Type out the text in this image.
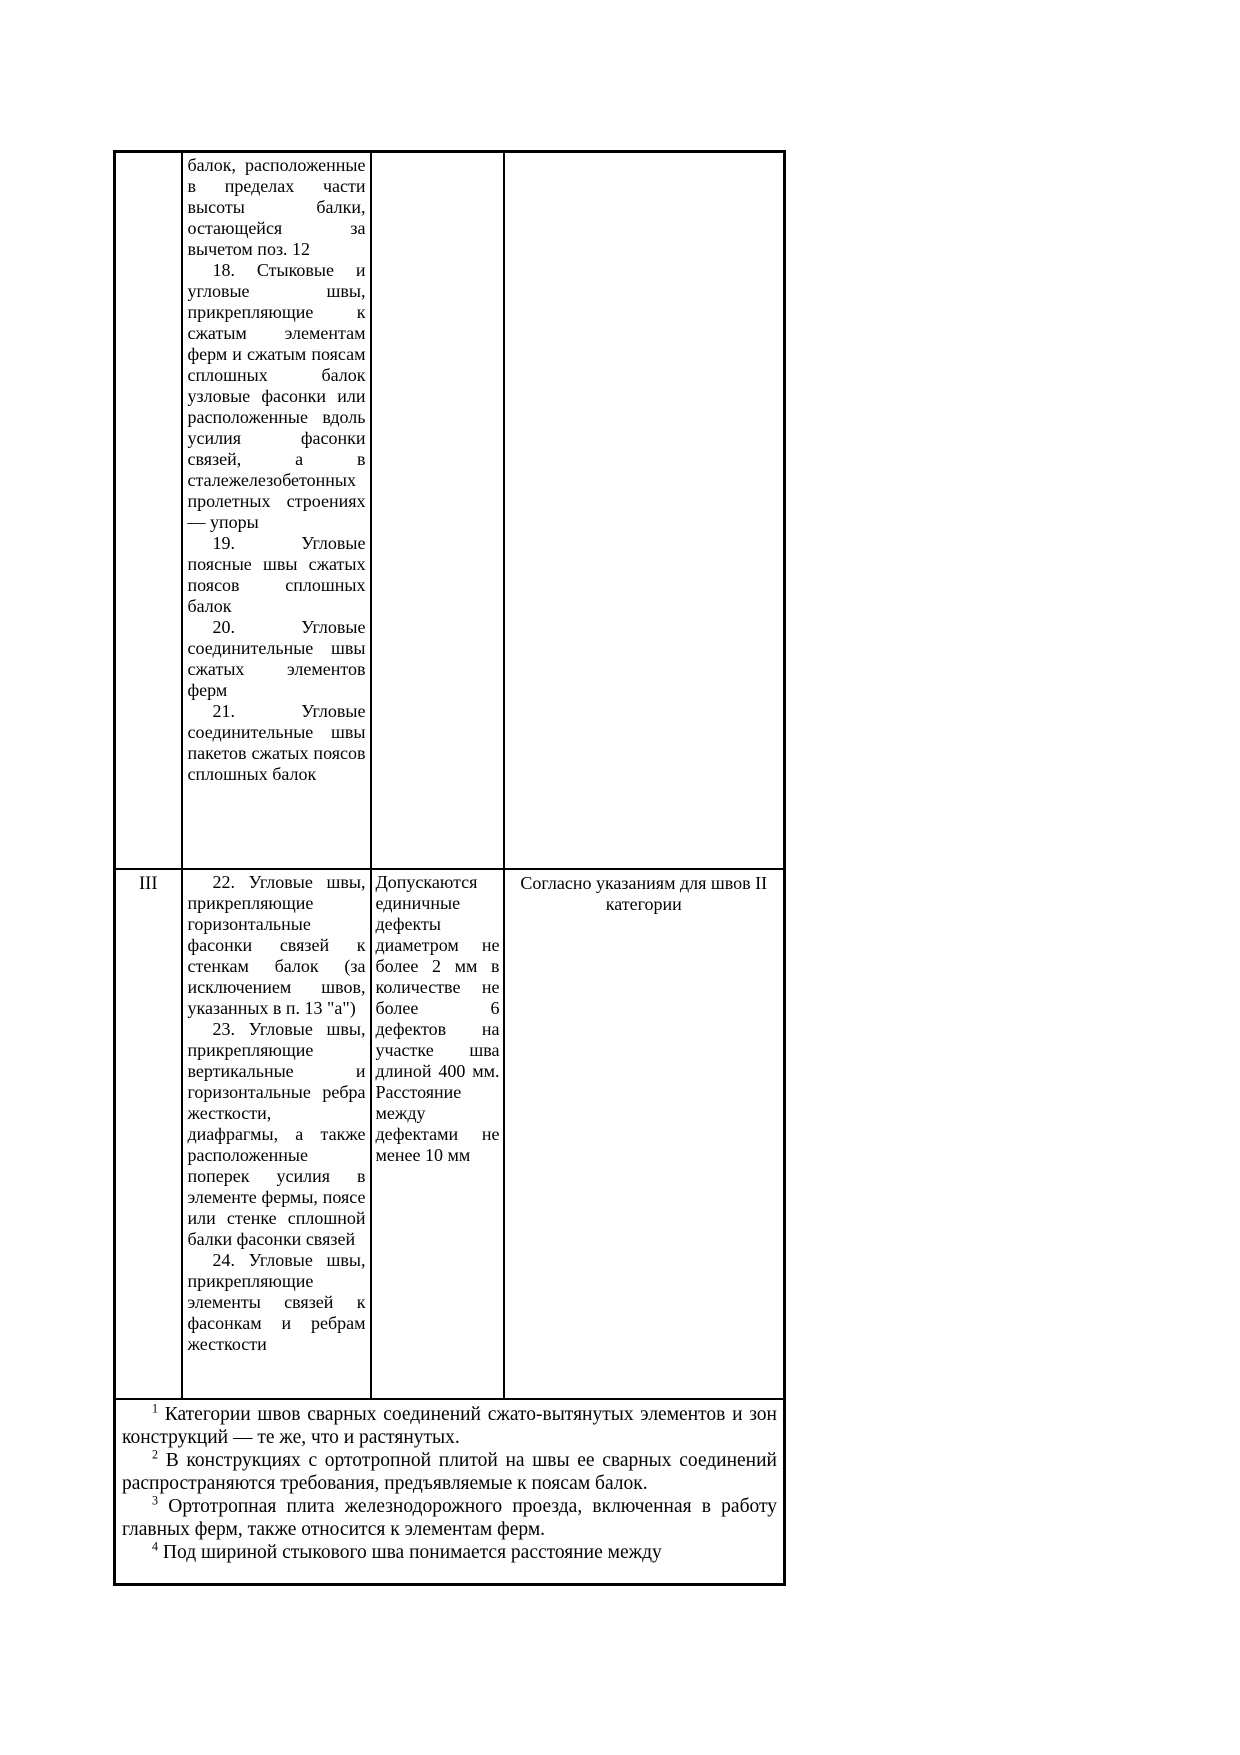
	балок, расположенные в пределах части высоты балки, остающейся за вычетом поз. 12

18. Стыковые и угловые швы, прикрепляющие к сжатым элементам ферм и сжатым поясам сплошных балок узловые фасонки или расположенные вдоль усилия фасонки связей, а в сталежелезобетонных пролетных строениях — упоры

19. Угловые поясные швы сжатых поясов сплошных балок

20. Угловые соединительные швы сжатых элементов ферм

21. Угловые соединительные швы пакетов сжатых поясов сплошных балок		

III	22. Угловые швы, прикрепляющие горизонтальные фасонки связей к стенкам балок (за исключением швов, указанных в п. 13 "а")

23. Угловые швы, прикрепляющие вертикальные и горизонтальные ребра жесткости, диафрагмы, а также расположенные поперек усилия в элементе фермы, поясе или стенке сплошной балки фасонки связей

24. Угловые швы, прикрепляющие элементы связей к фасонкам и ребрам жесткости	Допускаются единичные дефекты диаметром не более 2 мм в количестве не более 6 дефектов на участке шва длиной 400 мм. Расстояние между дефектами не менее 10 мм	Согласно указаниям для швов II категории

$^1$ Категории швов сварных соединений сжато-вытянутых элементов и зон конструкций — те же, что и растянутых.

$^2$ В конструкциях с ортотропной плитой на швы ее сварных соединений распространяются требования, предъявляемые к поясам балок.

$^3$ Ортотропная плита железнодорожного проезда, включенная в работу главных ферм, также относится к элементам ферм.

$^4$ Под шириной стыкового шва понимается расстояние между			
